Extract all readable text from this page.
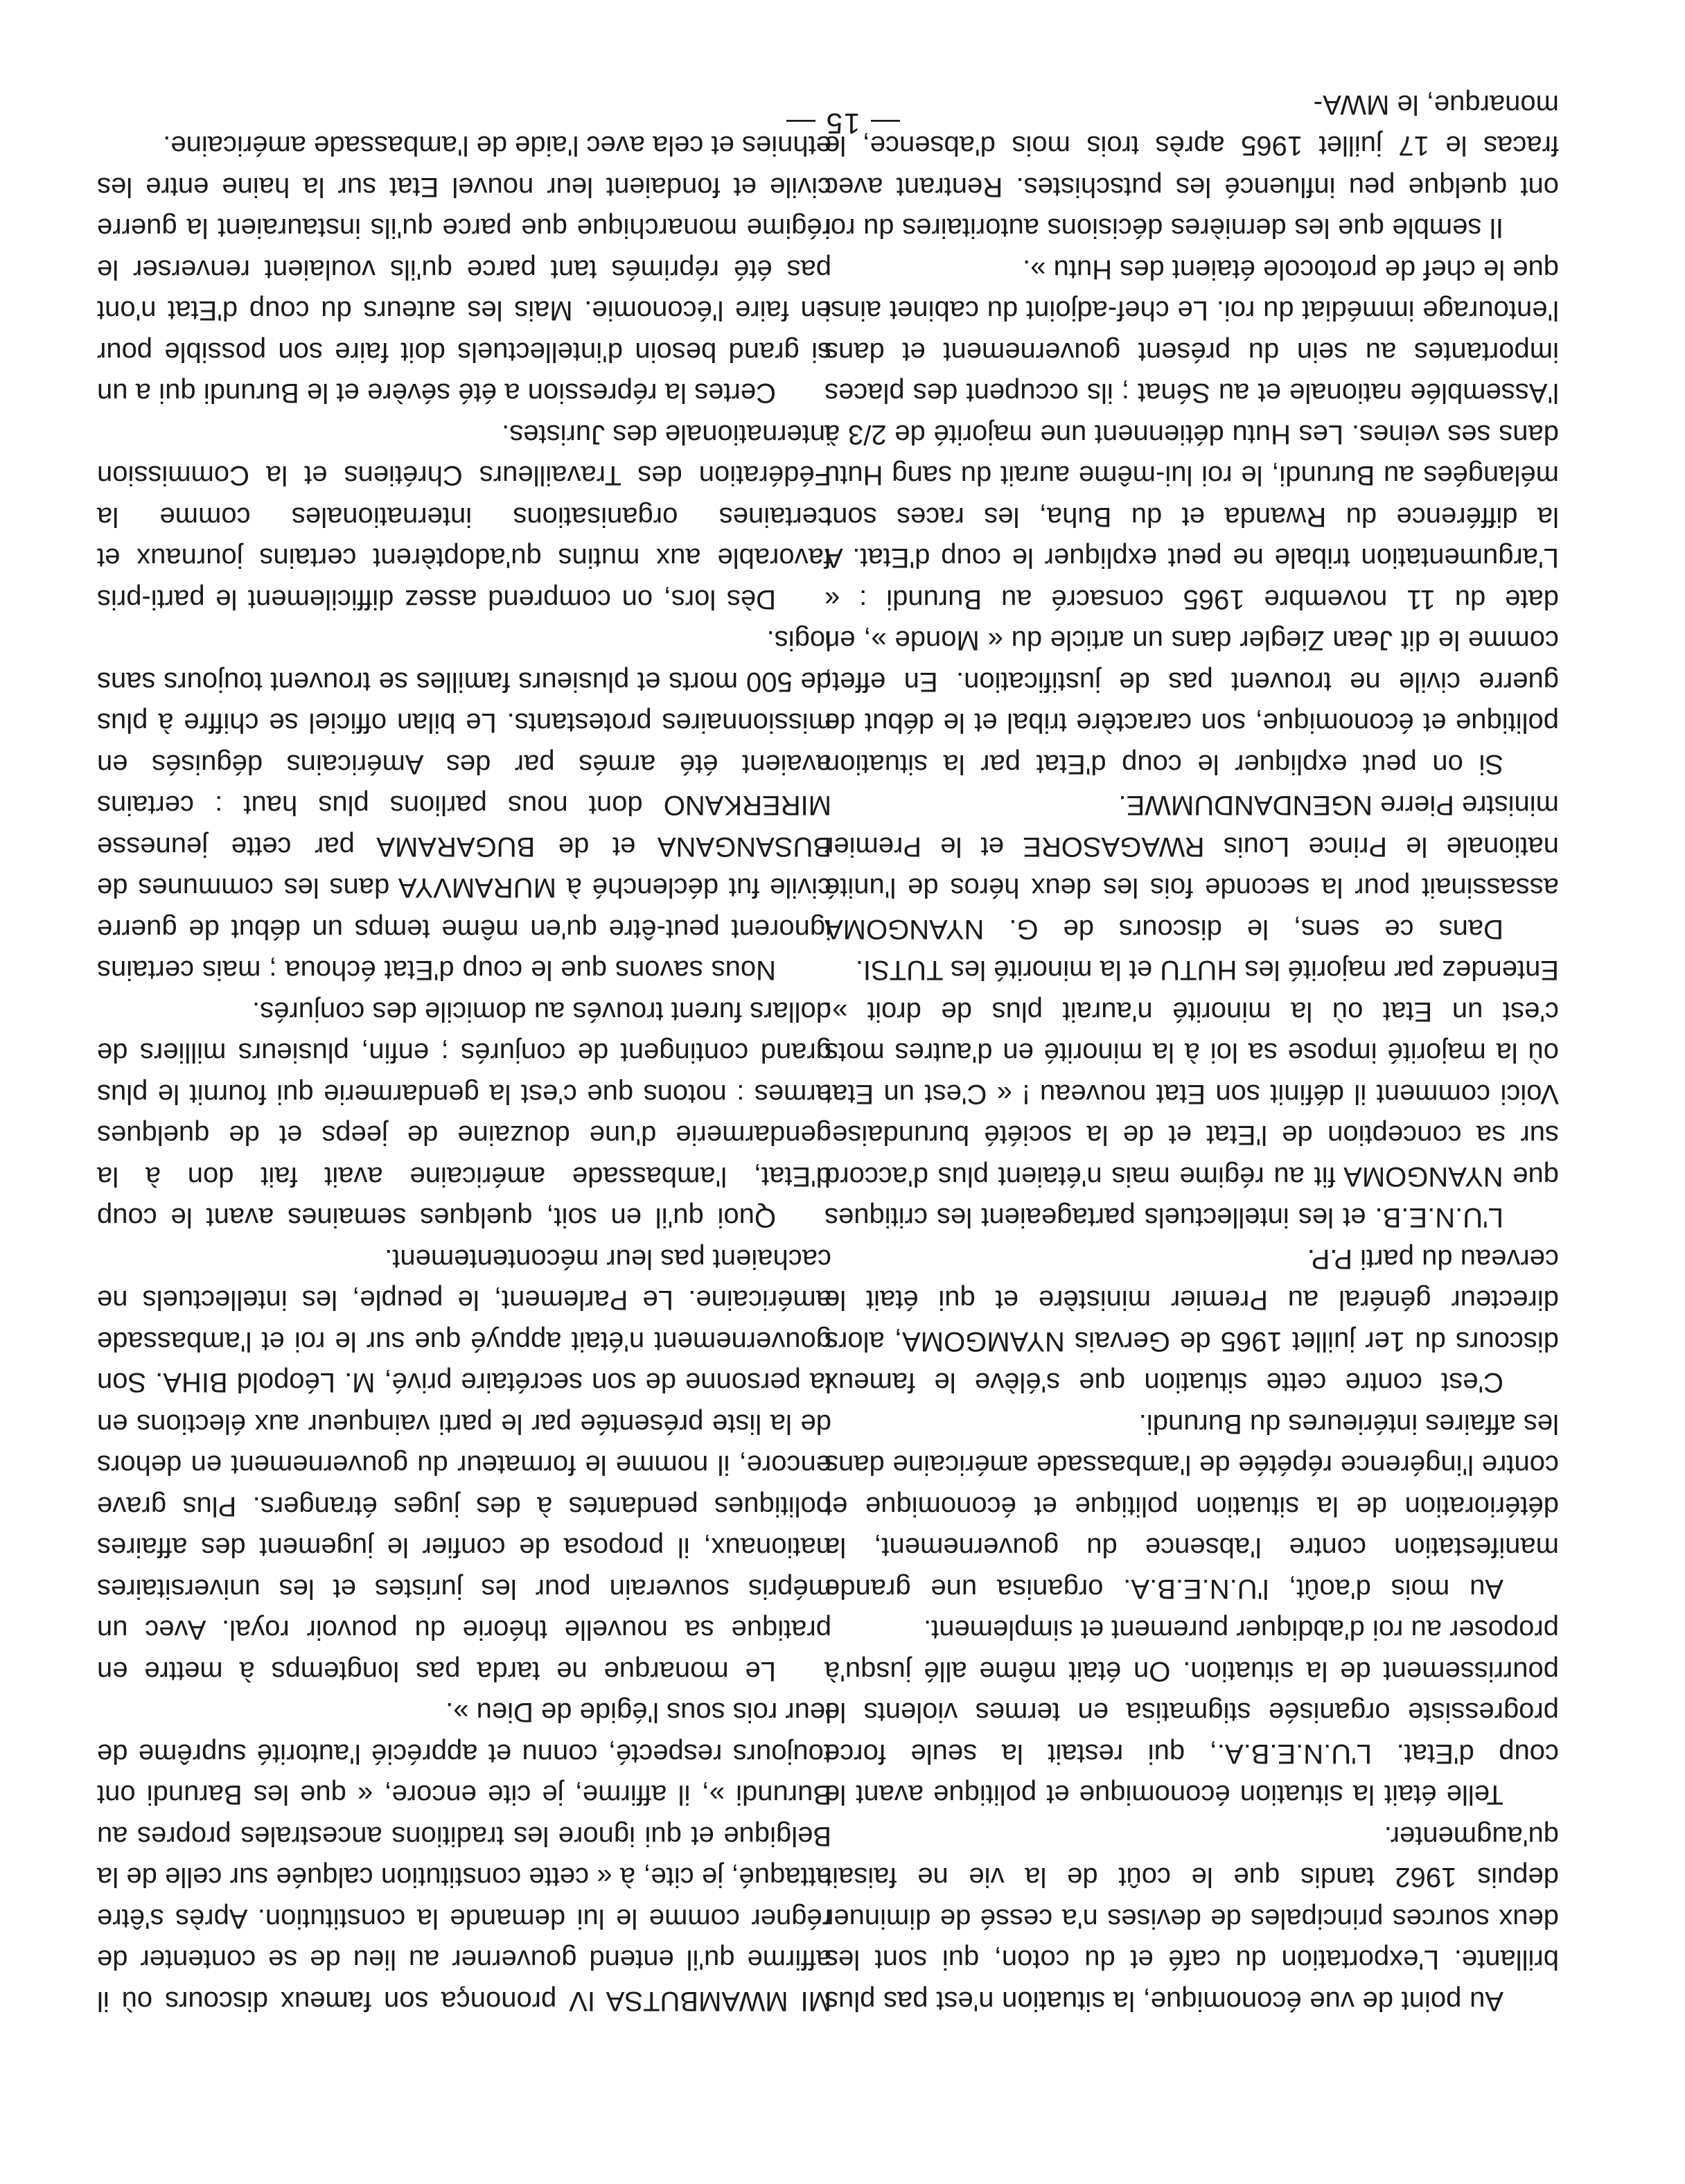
Au point de vue économique, la situation n'est pas plus brillante. L'exportation du café et du coton, qui sont les deux sources principales de devises n'a cessé de diminuer depuis 1962 tandis que le coût de la vie ne faisait qu'augmenter.

Telle était la situation économique et politique avant le coup d'Etat. L'U.N.E.B.A., qui restait la seule force progressiste organisée stigmatisa en termes violents le pourrissement de la situation. On était même allé jusqu'à proposer au roi d'abdiquer purement et simplement.

Au mois d'août, l'U.N.E.B.A. organisa une grande manifestation contre l'absence du gouvernement, la détérioration de la situation politique et économique et contre l'ingérence répétée de l'ambassade américaine dans les affaires intérieures du Burundi.

C'est contre cette situation que s'élève le fameux discours du 1er juillet 1965 de Gervais NYAMGOMA, alors directeur général au Premier ministère et qui était le cerveau du parti P.P.

L'U.N.E.B. et les intellectuels partageaient les critiques que NYANGOMA fit au régime mais n'étaient plus d'accord sur sa conception de l'Etat et de la société burundaise. Voici comment il définit son Etat nouveau ! « C'est un Etat où la majorité impose sa loi à la minorité en d'autres mots c'est un Etat où la minorité n'aurait plus de droit ». Entendez par majorité les HUTU et la minorité les TUTSI.

Dans ce sens, le discours de G. NYANGOMA assassinait pour la seconde fois les deux héros de l'unité nationale le Prince Louis RWAGASORE et le Premier ministre Pierre NGENDANDUMWE.

Si on peut expliquer le coup d'Etat par la situation politique et économique, son caractère tribal et le début de guerre civile ne trouvent pas de justification. En effet, comme le dit Jean Ziegler dans un article du « Monde », en date du 11 novembre 1965 consacré au Burundi : « L'argumentation tribale ne peut expliquer le coup d'Etat. A la différence du Rwanda et du Buha, les races sont mélangées au Burundi, le roi lui-même aurait du sang Hutu dans ses veines. Les Hutu détiennent une majorité de 2/3 à l'Assemblée nationale et au Sénat ; ils occupent des places importantes au sein du présent gouvernement et dans l'entourage immédiat du roi. Le chef-adjoint du cabinet ainsi que le chef de protocole étaient des Hutu ».

Il semble que les dernières décisions autoritaires du roi ont quelque peu influencé les putschistes. Rentrant avec fracas le 17 juillet 1965 après trois mois d'absence, le monarque, le MWA-

MI MWAMBUTSA IV prononça son fameux discours où il affirme qu'il entend gouverner au lieu de se contenter de régner comme le lui demande la constitution. Après s'être attaqué, je cite, à « cette constitution calquée sur celle de la Belgique et qui ignore les traditions ancestrales propres au Burundi », il affirme, je cite encore, « que les Barundi ont toujours respecté, connu et apprécié l'autorité suprême de leur rois sous l'égide de Dieu ».

Le monarque ne tarda pas longtemps à mettre en pratique sa nouvelle théorie du pouvoir royal. Avec un mépris souverain pour les juristes et les universitaires nationaux, il proposa de confier le jugement des affaires politiques pendantes à des juges étrangers. Plus grave encore, il nomme le formateur du gouvernement en dehors de la liste présentée par le parti vainqueur aux élections en la personne de son secrétaire privé, M. Léopold BIHA. Son gouvernement n'était appuyé que sur le roi et l'ambassade américaine. Le Parlement, le peuple, les intellectuels ne cachaient pas leur mécontentement.

Quoi qu'il en soit, quelques semaines avant le coup d'Etat, l'ambassade américaine avait fait don à la gendarmerie d'une douzaine de jeeps et de quelques armes : notons que c'est la gendarmerie qui fournit le plus grand contingent de conjurés ; enfin, plusieurs milliers de dollars furent trouvés au domicile des conjurés.

Nous savons que le coup d'Etat échoua ; mais certains ignorent peut-être qu'en même temps un début de guerre civile fut déclenché à MURAMVYA dans les communes de BUSANGANA et de BUGARAMA par cette jeunesse MIRERKANO dont nous parlions plus haut : certains avaient été armés par des Américains déguisés en missionnaires protestants. Le bilan officiel se chiffre à plus de 500 morts et plusieurs familles se trouvent toujours sans logis.

Dès lors, on comprend assez difficilement le parti-pris favorable aux mutins qu'adoptèrent certains journaux et certaines organisations internationales comme la Fédération des Travailleurs Chrétiens et la Commission internationale des Juristes.

Certes la répression a été sévère et le Burundi qui a un si grand besoin d'intellectuels doit faire son possible pour en faire l'économie. Mais les auteurs du coup d'Etat n'ont pas été réprimés tant parce qu'ils voulaient renverser le régime monarchique que parce qu'ils instauraient la guerre civile et fondaient leur nouvel Etat sur la haine entre les ethnies et cela avec l'aide de l'ambassade américaine.

— 15 —
